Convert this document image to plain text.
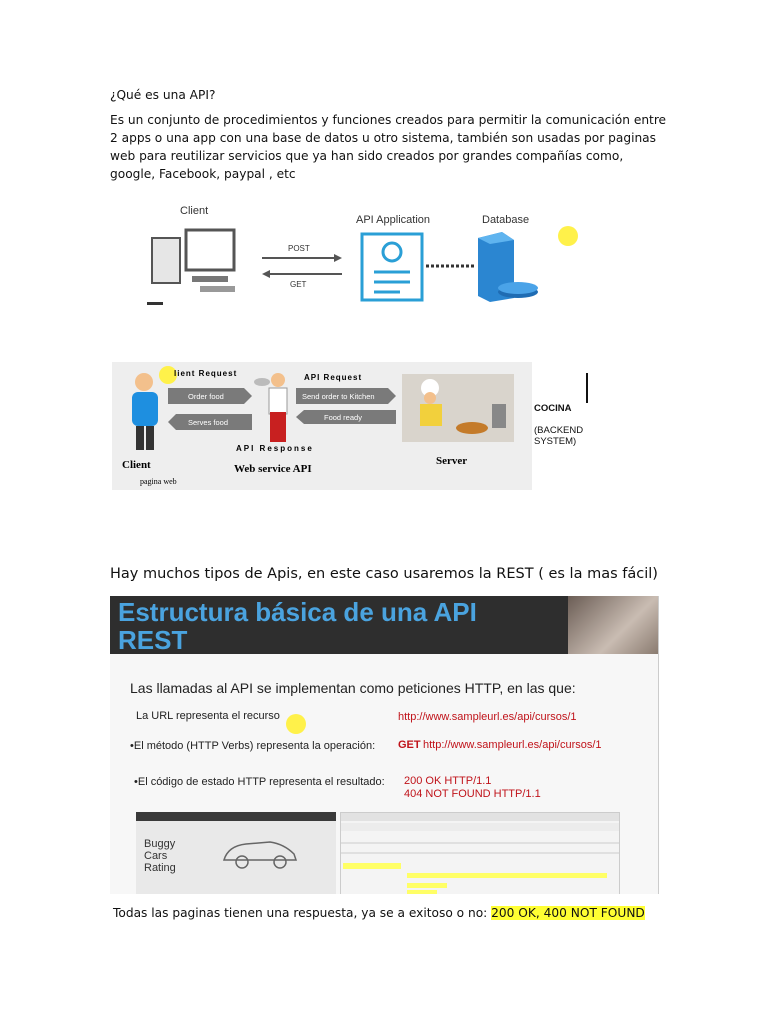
¿Qué es una API?
Es un conjunto de procedimientos y funciones creados para permitir la comunicación entre 2 apps o una app con una base de datos u otro sistema, también son usadas por paginas web para reutilizar servicios que ya han sido creados por grandes compañías como, google, Facebook, paypal , etc
Client
POST
GET
API Application	Database
lient Request
Order food
Serves food
API Request
Send order to Kitchen
Food ready
API Response
Client	Web service API
Server
pagina web
COCINA
(BACKEND SYSTEM)
Hay muchos tipos de Apis, en este caso usaremos la REST ( es la mas fácil)
Estructura básica de una API
REST
Las llamadas al API se implementan como peticiones HTTP, en las que:
La URL representa el recurso	http://www.sampleurl.es/api/cursos/1
•El método (HTTP Verbs) representa la operación: GET http://www.sampleurl.es/api/cursos/1
•El código de estado HTTP representa el resultado: 200 OK HTTP/1.1
404 NOT FOUND HTTP/1.1
Buggy
Cars
Rating
Todas las paginas tienen una respuesta, ya se a exitoso o no: 200 OK, 400 NOT FOUND
